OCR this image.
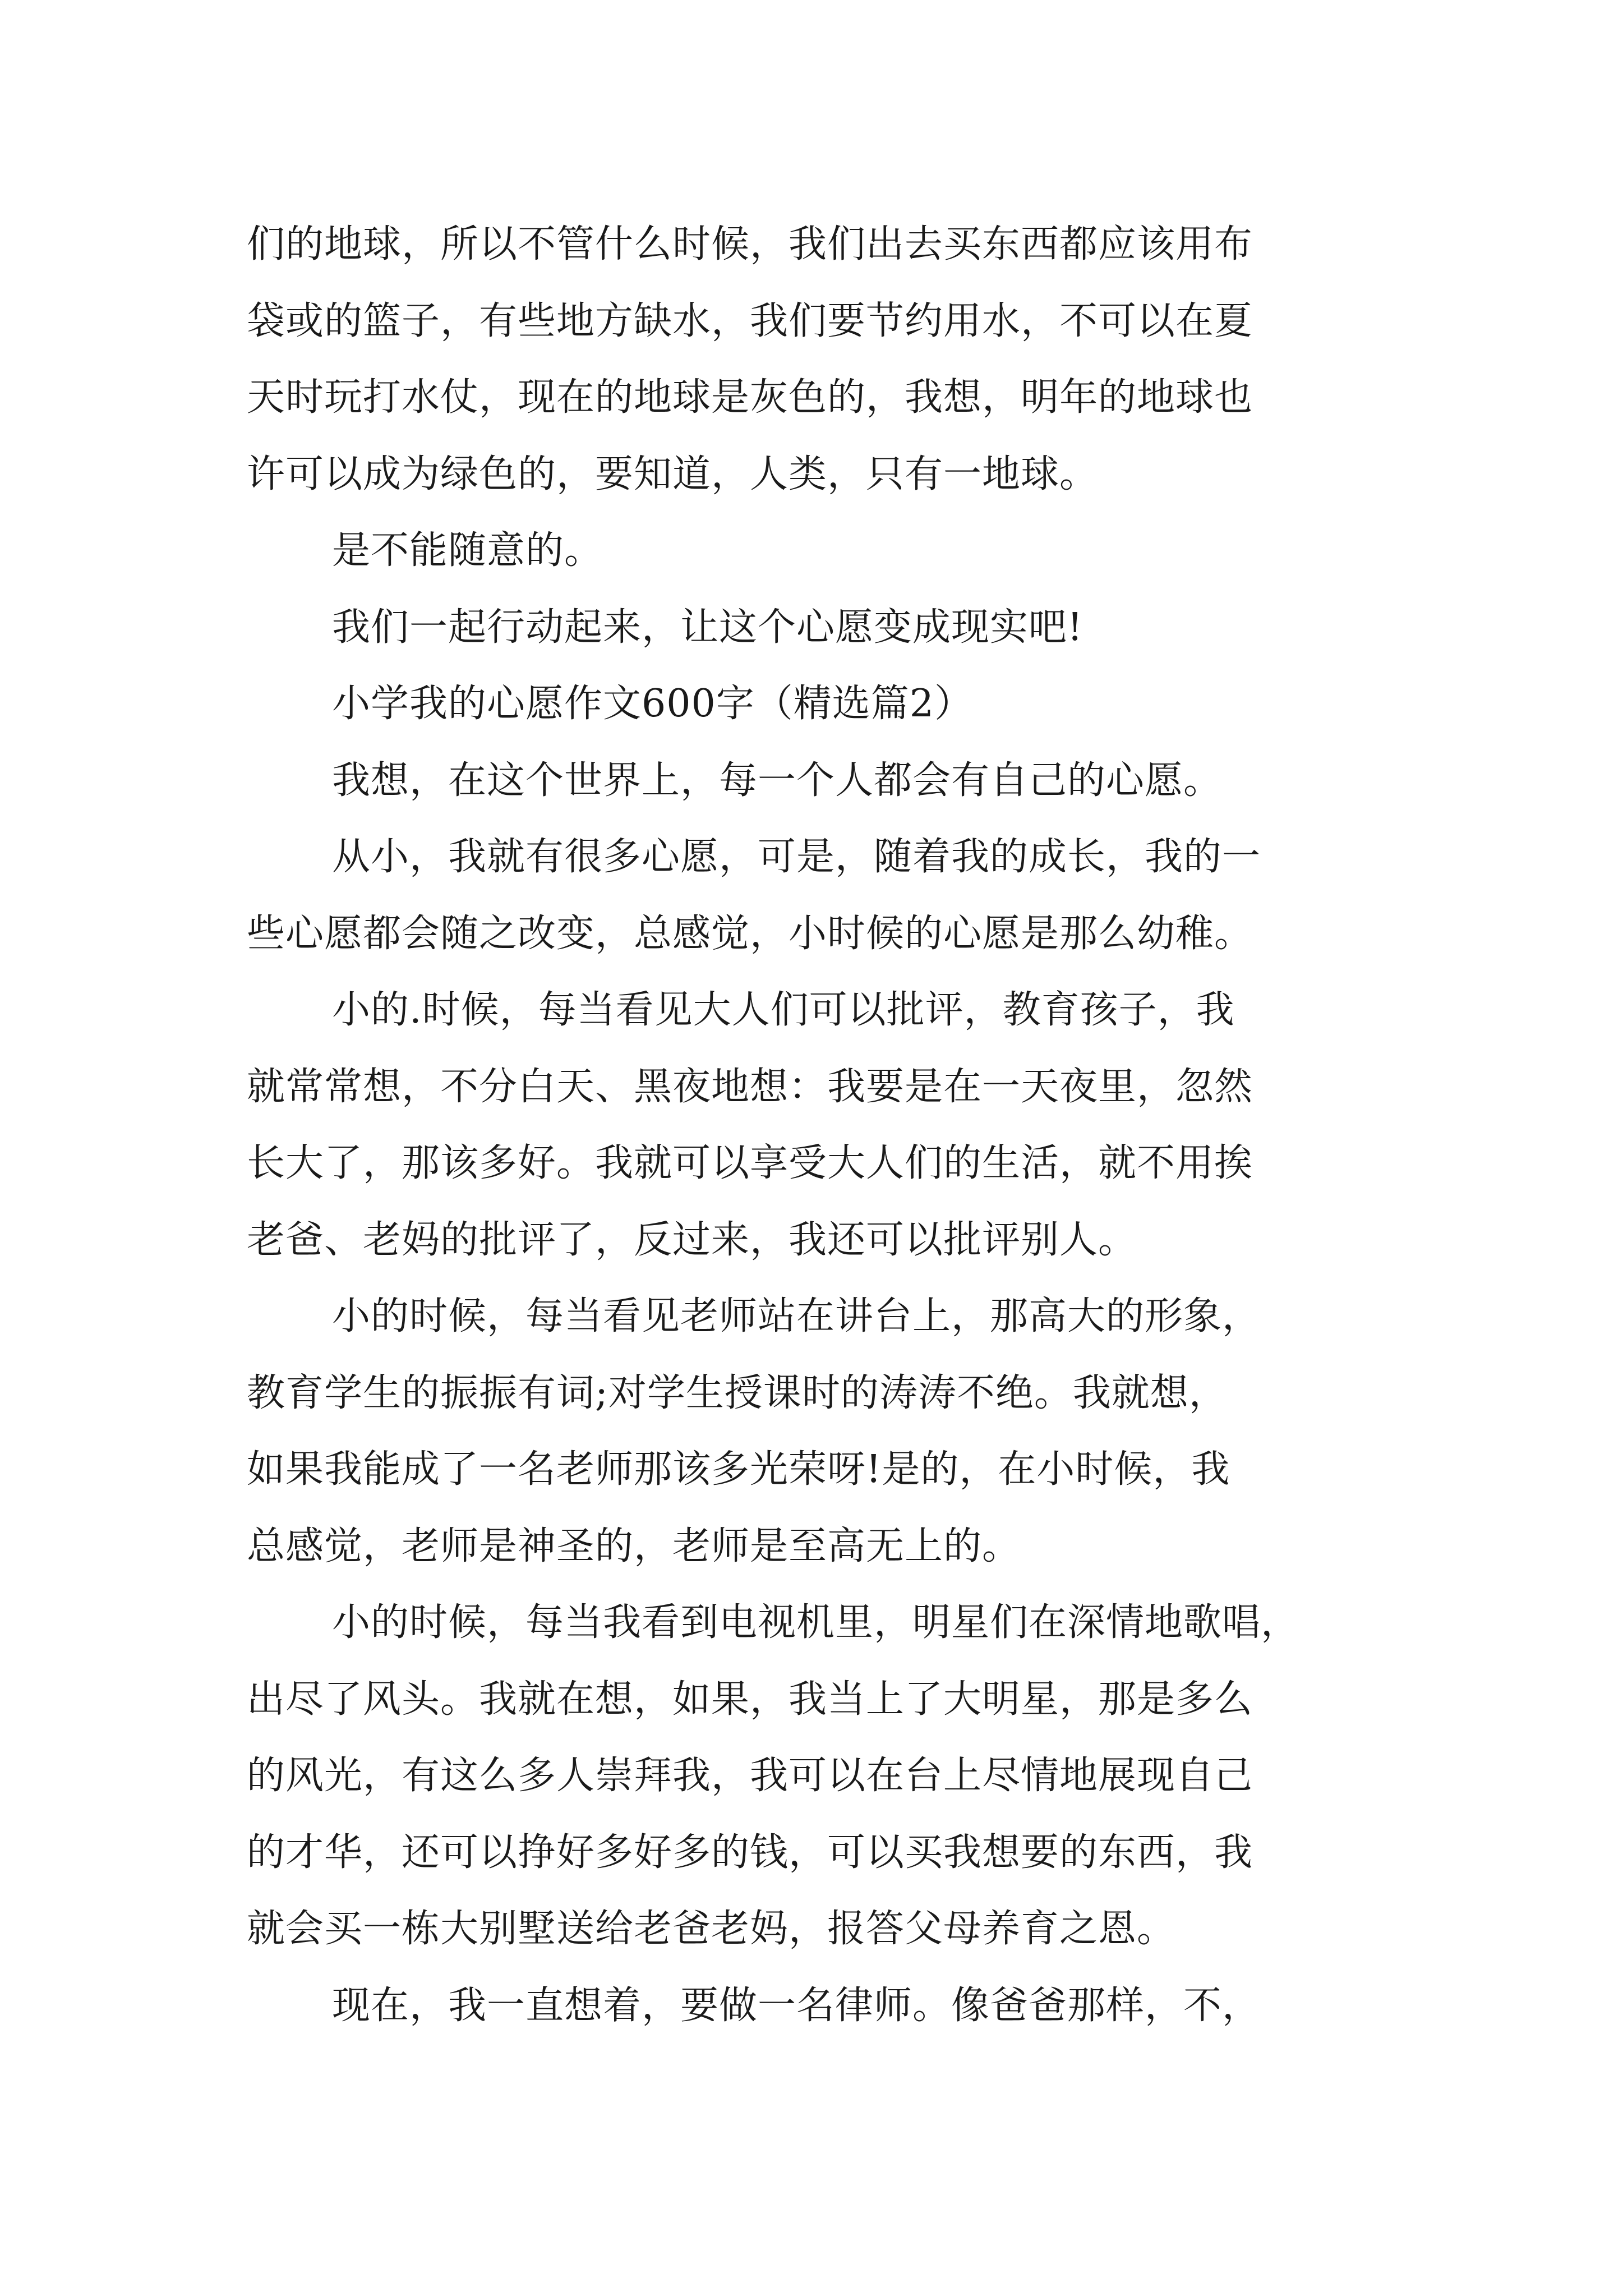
们的地球，所以不管什么时候，我们出去买东西都应该用布
袋或的篮子，有些地方缺水，我们要节约用水，不可以在夏
天时玩打水仗，现在的地球是灰色的，我想，明年的地球也
许可以成为绿色的，要知道，人类，只有一地球。
是不能随意的。
我们一起行动起来，让这个心愿变成现实吧!
小学我的心愿作文600字（精选篇2）
我想，在这个世界上，每一个人都会有自己的心愿。
从小，我就有很多心愿，可是，随着我的成长，我的一
些心愿都会随之改变，总感觉，小时候的心愿是那么幼稚。
小的.时候，每当看见大人们可以批评，教育孩子，我
就常常想，不分白天、黑夜地想：我要是在一天夜里，忽然
长大了，那该多好。我就可以享受大人们的生活，就不用挨
老爸、老妈的批评了，反过来，我还可以批评别人。
小的时候，每当看见老师站在讲台上，那高大的形象，
教育学生的振振有词;对学生授课时的涛涛不绝。我就想，
如果我能成了一名老师那该多光荣呀!是的，在小时候，我
总感觉，老师是神圣的，老师是至高无上的。
小的时候，每当我看到电视机里，明星们在深情地歌唱，
出尽了风头。我就在想，如果，我当上了大明星，那是多么
的风光，有这么多人崇拜我，我可以在台上尽情地展现自己
的才华，还可以挣好多好多的钱，可以买我想要的东西，我
就会买一栋大别墅送给老爸老妈，报答父母养育之恩。
现在，我一直想着，要做一名律师。像爸爸那样，不，
